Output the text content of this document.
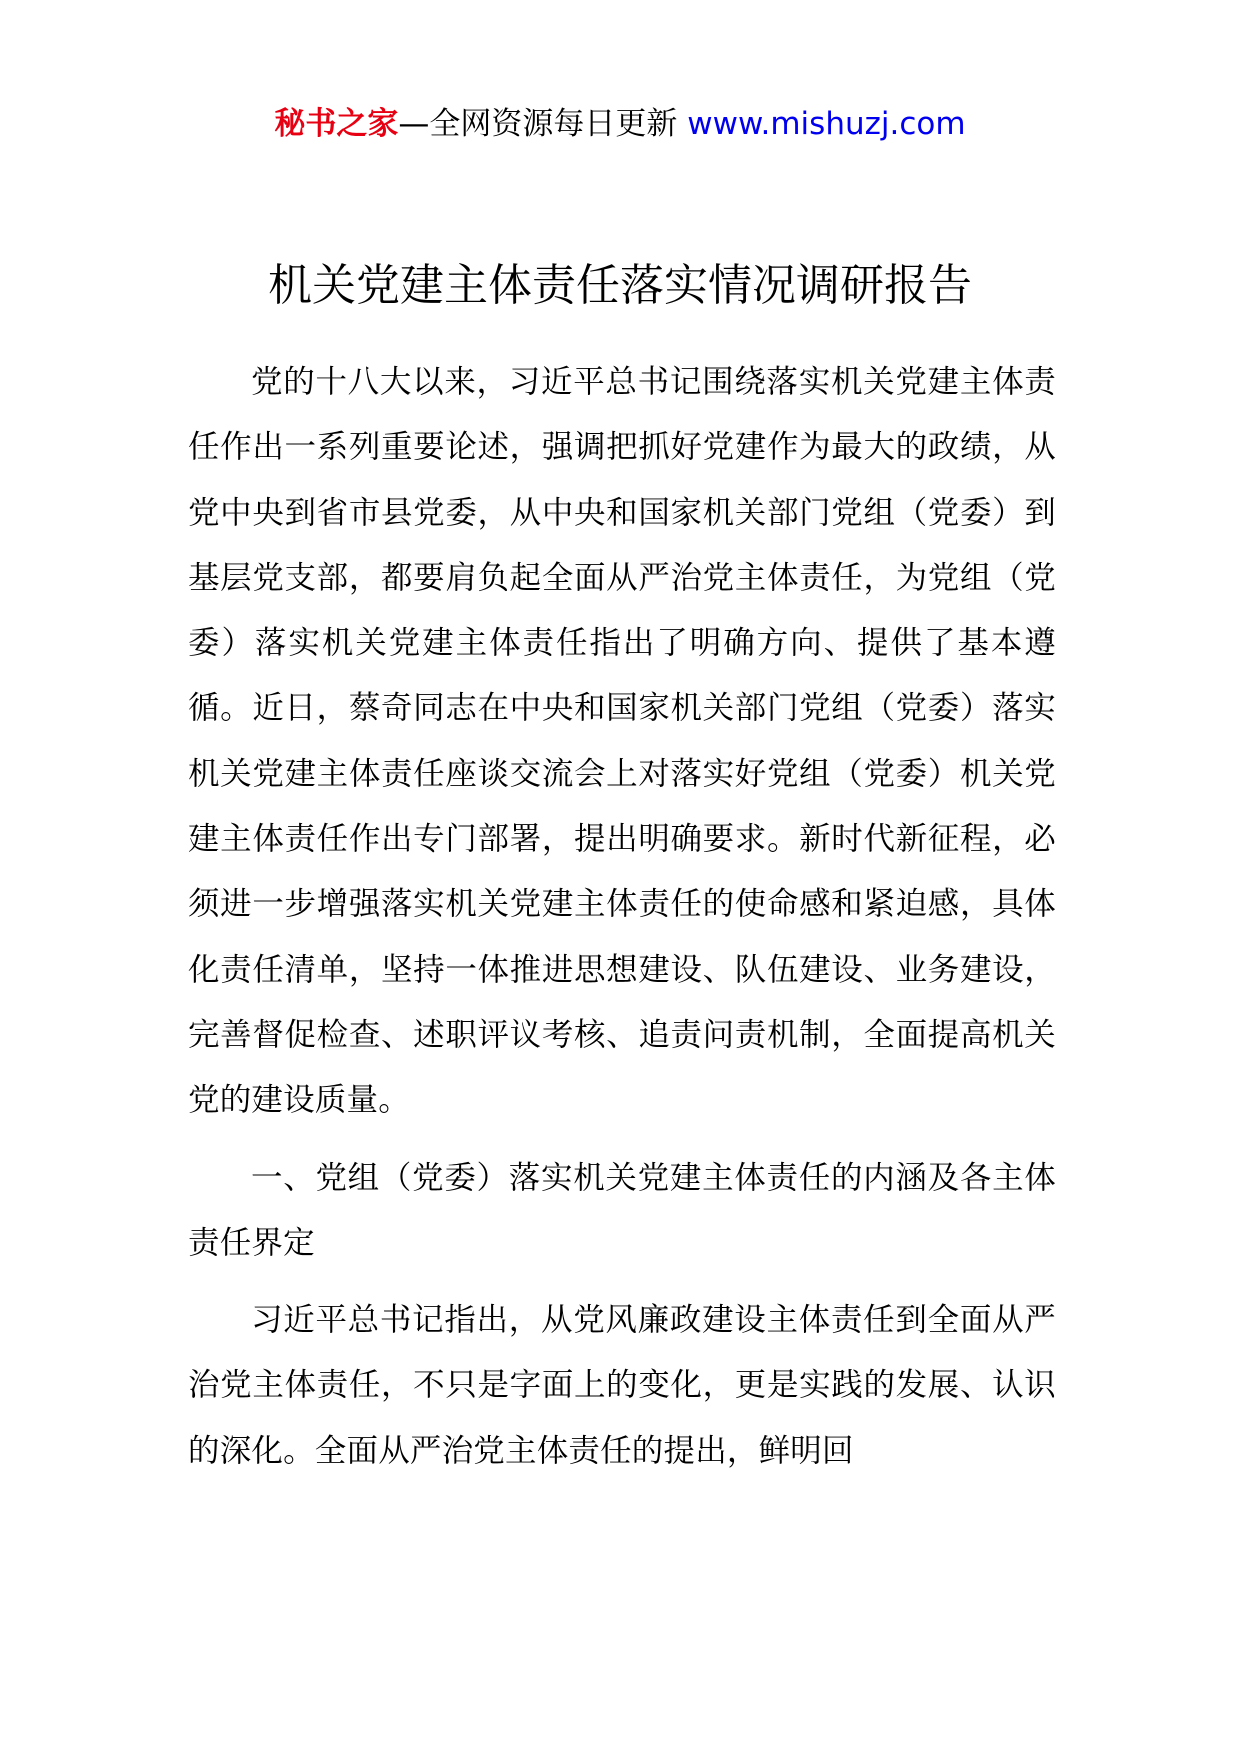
秘书之家—全网资源每日更新 www.mishuzj.com
机关党建主体责任落实情况调研报告

党的十八大以来，习近平总书记围绕落实机关党建主体责任作出一系列重要论述，强调把抓好党建作为最大的政绩，从党中央到省市县党委，从中央和国家机关部门党组（党委）到基层党支部，都要肩负起全面从严治党主体责任，为党组（党委）落实机关党建主体责任指出了明确方向、提供了基本遵循。近日，蔡奇同志在中央和国家机关部门党组（党委）落实机关党建主体责任座谈交流会上对落实好党组（党委）机关党建主体责任作出专门部署，提出明确要求。新时代新征程，必须进一步增强落实机关党建主体责任的使命感和紧迫感，具体化责任清单，坚持一体推进思想建设、队伍建设、业务建设，完善督促检查、述职评议考核、追责问责机制，全面提高机关党的建设质量。

一、党组（党委）落实机关党建主体责任的内涵及各主体责任界定

习近平总书记指出，从党风廉政建设主体责任到全面从严治党主体责任，不只是字面上的变化，更是实践的发展、认识的深化。全面从严治党主体责任的提出，鲜明回
